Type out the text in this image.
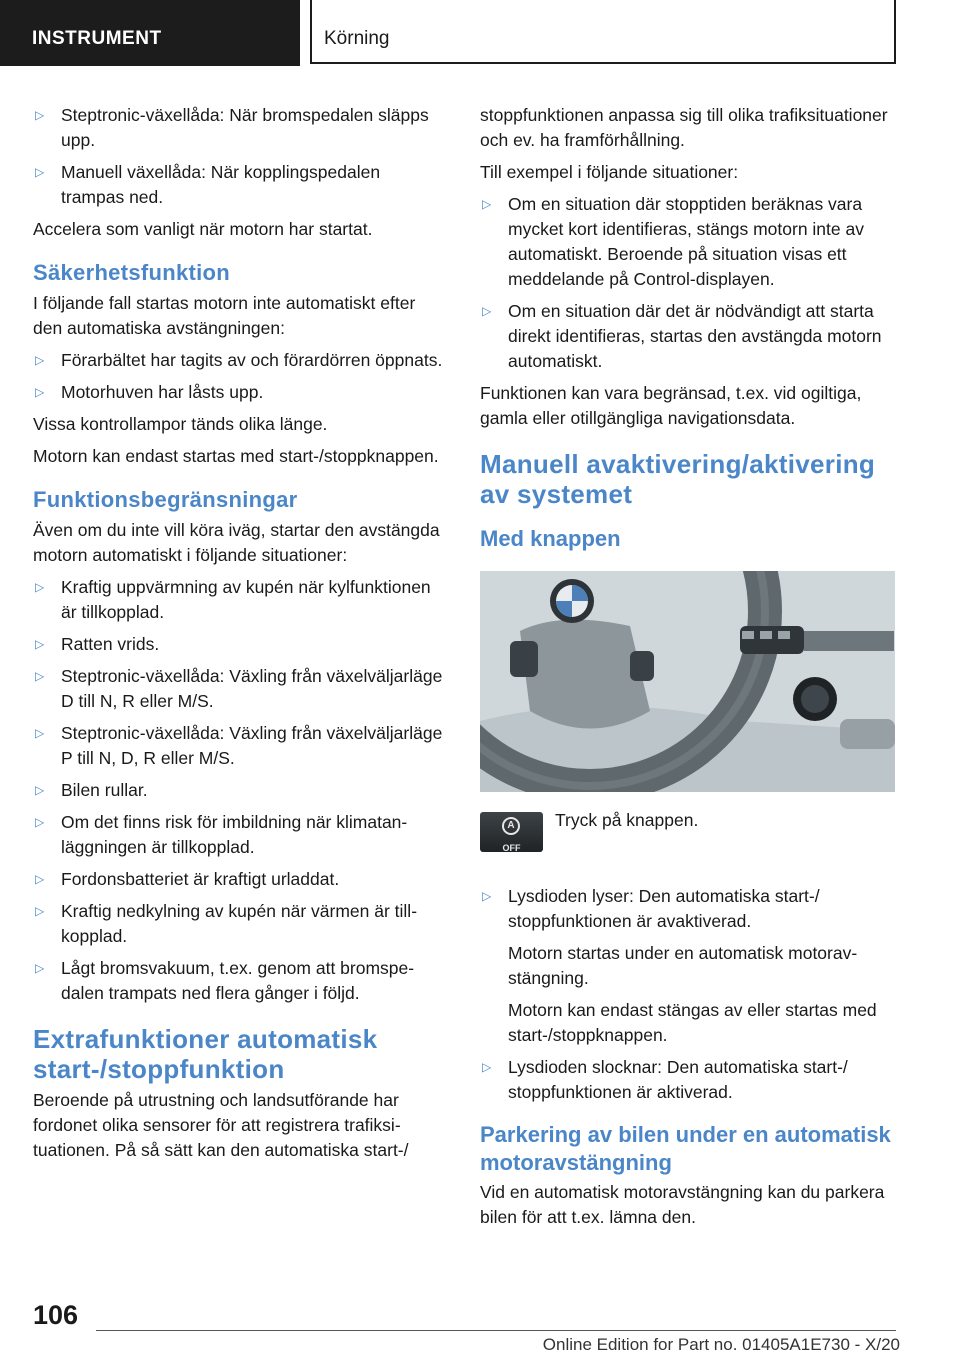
INSTRUMENT	Körning
▷ Steptronic-växellåda: När bromspedalen släpps upp.
▷ Manuell växellåda: När kopplingspedalen trampas ned.

Accelera som vanligt när motorn har startat.

Säkerhetsfunktion

I följande fall startas motorn inte automatiskt efter den automatiska avstängningen:

▷ Förarbältet har tagits av och förardörren öppnats.
▷ Motorhuven har låsts upp.

Vissa kontrollampor tänds olika länge.

Motorn kan endast startas med start-/stoppknappen.

Funktionsbegränsningar

Även om du inte vill köra iväg, startar den avstängda motorn automatiskt i följande situationer:

▷ Kraftig uppvärmning av kupén när kylfunktionen är tillkopplad.
▷ Ratten vrids.
▷ Steptronic-växellåda: Växling från växelväljarläge D till N, R eller M/S.
▷ Steptronic-växellåda: Växling från växelväljarläge P till N, D, R eller M/S.
▷ Bilen rullar.
▷ Om det finns risk för imbildning när klimatanläggningen är tillkopplad.
▷ Fordonsbatteriet är kraftigt urladdat.
▷ Kraftig nedkylning av kupén när värmen är tillkopplad.
▷ Lågt bromsvakuum, t.ex. genom att bromspedalen trampats ned flera gånger i följd.
Extrafunktioner automatisk start-/stoppfunktion

Beroende på utrustning och landsutförande har fordonet olika sensorer för att registrera trafiksituationen. På så sätt kan den automatiska start-/

stoppfunktionen anpassa sig till olika trafiksituationer och ev. ha framförhållning.

Till exempel i följande situationer:

▷ Om en situation där stopptiden beräknas vara mycket kort identifieras, stängs motorn inte av automatiskt. Beroende på situation visas ett meddelande på Control-displayen.
▷ Om en situation där det är nödvändigt att starta direkt identifieras, startas den avstängda motorn automatiskt.

Funktionen kan vara begränsad, t.ex. vid ogiltiga, gamla eller otillgängliga navigationsdata.

Manuell avaktivering/aktivering av systemet
Med knappen
A
OFF
Tryck på knappen.
▷ Lysdioden lyser: Den automatiska start-/ stoppfunktionen är avaktiverad.

Motorn startas under en automatisk motoravstängning.

Motorn kan endast stängas av eller startas med start-/stoppknappen.

▷ Lysdioden slocknar: Den automatiska start-/ stoppfunktionen är aktiverad.
Parkering av bilen under en automatisk motoravstängning

Vid en automatisk motoravstängning kan du parkera bilen för att t.ex. lämna den.

106
Online Edition for Part no. 01405A1E730 - X/20
